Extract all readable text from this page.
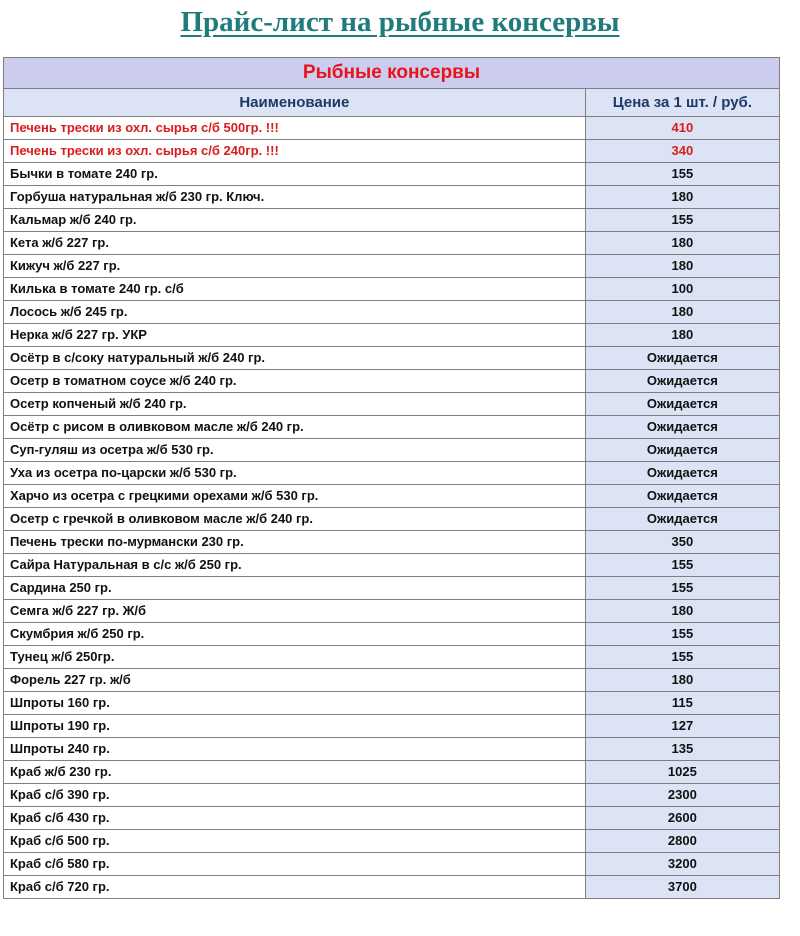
Прайс-лист на рыбные консервы
Рыбные консервы	
Наименование	Цена за 1 шт. / руб.
Печень трески из охл. сырья с/б 500гр. !!!	410
Печень трески из охл. сырья с/б 240гр. !!!	340
Бычки в томате 240 гр.	155
Горбуша натуральная ж/б 230 гр. Ключ.	180
Кальмар ж/б 240 гр.	155
Кета ж/б 227 гр.	180
Кижуч ж/б 227 гр.	180
Килька в томате 240 гр. с/б	100
Лосось ж/б 245 гр.	180
Нерка ж/б 227 гр. УКР	180
Осётр в с/соку натуральный ж/б 240 гр.	Ожидается
Осетр в томатном соусе ж/б 240 гр.	Ожидается
Осетр копченый ж/б 240 гр.	Ожидается
Осётр с рисом в оливковом масле ж/б 240 гр.	Ожидается
Суп-гуляш из осетра ж/б 530 гр.	Ожидается
Уха из осетра по-царски ж/б 530 гр.	Ожидается
Харчо из осетра с грецкими орехами ж/б 530 гр.	Ожидается
Осетр с гречкой в оливковом масле ж/б 240 гр.	Ожидается
Печень трески по-мурмански 230 гр.	350
Сайра Натуральная в с/с ж/б 250 гр.	155
Сардина 250 гр.	155
Семга ж/б 227 гр. Ж/б	180
Скумбрия ж/б 250 гр.	155
Тунец ж/б 250гр.	155
Форель 227 гр. ж/б	180
Шпроты 160 гр.	115
Шпроты 190 гр.	127
Шпроты 240 гр.	135
Краб ж/б 230 гр.	1025
Краб с/б 390 гр.	2300
Краб с/б 430 гр.	2600
Краб с/б 500 гр.	2800
Краб с/б 580 гр.	3200
Краб с/б 720 гр.	3700
